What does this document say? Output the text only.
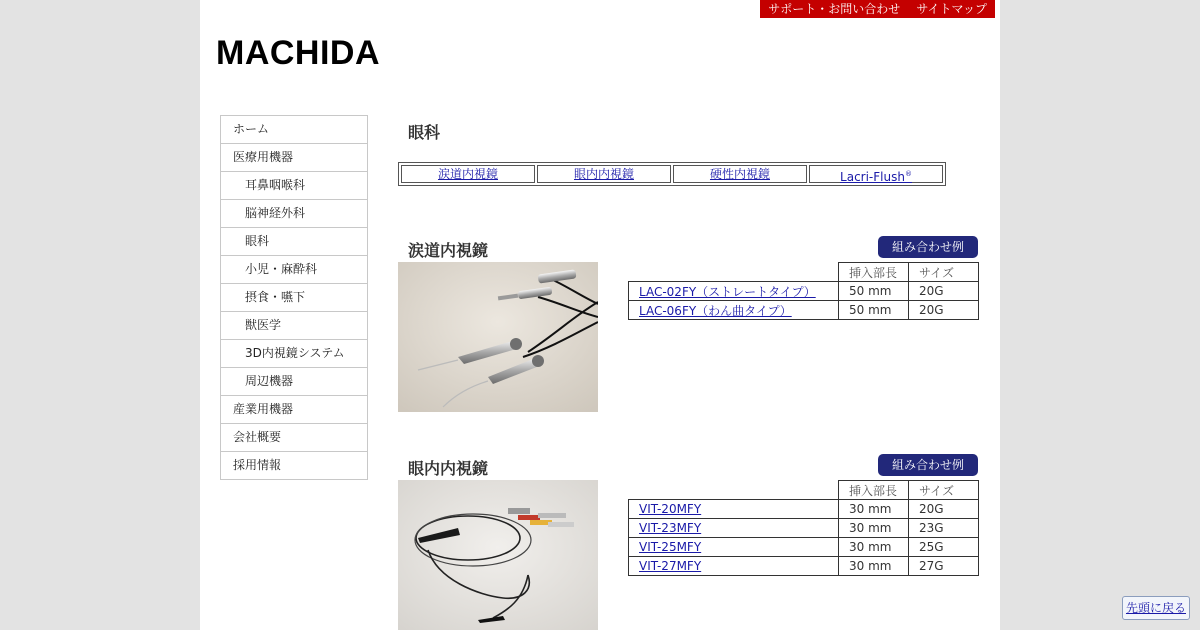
サポート・お問い合わせ サイトマップ
MACHIDA
ホーム
医療用機器
耳鼻咽喉科
脳神経外科
眼科
小児・麻酔科
摂食・嚥下
獣医学
3D内視鏡システム
周辺機器
産業用機器
会社概要
採用情報
眼科
涙道内視鏡	眼内内視鏡	硬性内視鏡	Lacri-Flush®
涙道内視鏡	組み合わせ例
	挿入部長	サイズ
LAC-02FY（ストレートタイプ）	50 mm	20G
LAC-06FY（わん曲タイプ）	50 mm	20G
眼内内視鏡	組み合わせ例
	挿入部長	サイズ
VIT-20MFY	30 mm	20G
VIT-23MFY	30 mm	23G
VIT-25MFY	30 mm	25G
VIT-27MFY	30 mm	27G
先頭に戻る
